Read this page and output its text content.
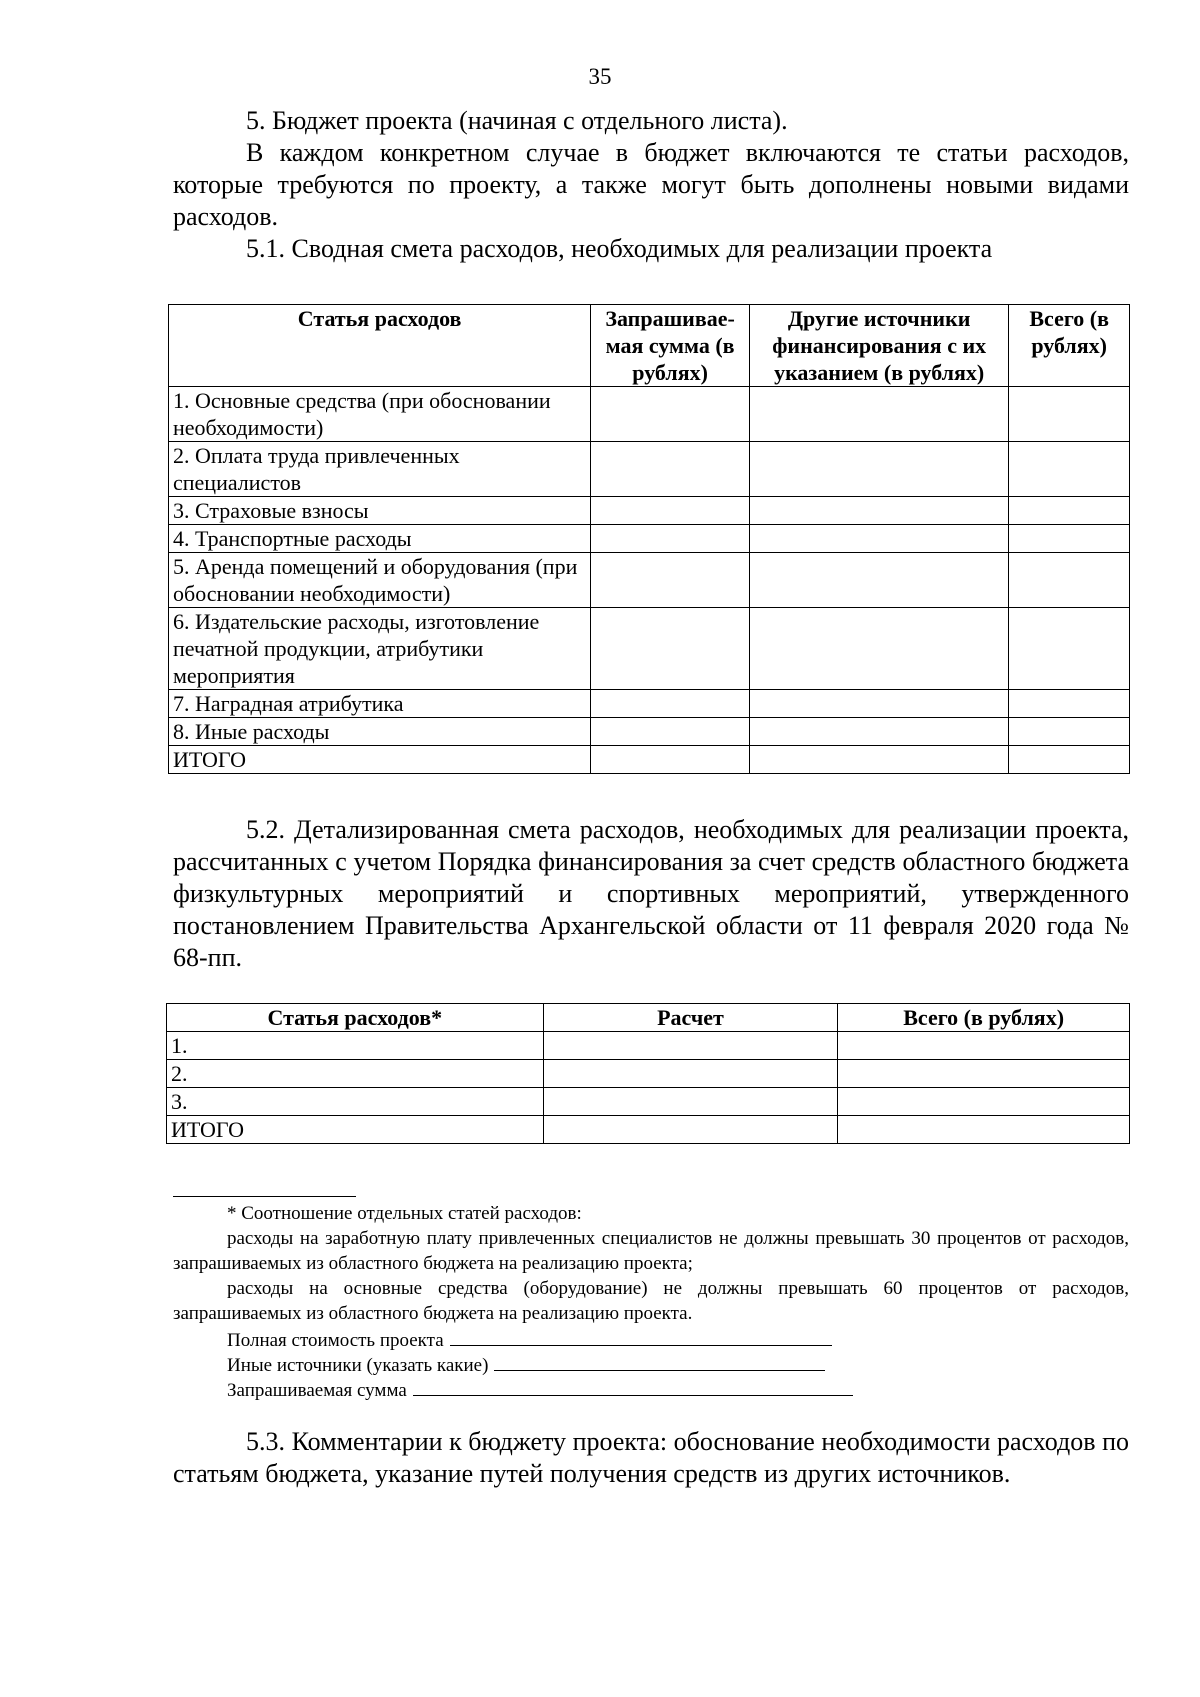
35
5. Бюджет проекта (начиная с отдельного листа).
В каждом конкретном случае в бюджет включаются те статьи расходов, которые требуются по проекту, а также могут быть дополнены новыми видами расходов.
5.1. Сводная смета расходов, необходимых для реализации проекта
Статья расходов	Запрашивае-мая сумма (в рублях)	Другие источники финансирования с их указанием (в рублях)	Всего (в рублях)
1. Основные средства (при обосновании необходимости)			
2. Оплата труда привлеченных специалистов			
3. Страховые взносы			
4. Транспортные расходы			
5. Аренда помещений и оборудования (при обосновании необходимости)			
6. Издательские расходы, изготовление печатной продукции, атрибутики мероприятия			
7. Наградная атрибутика			
8. Иные расходы			
ИТОГО			
5.2. Детализированная смета расходов, необходимых для реализации проекта, рассчитанных с учетом Порядка финансирования за счет средств областного бюджета физкультурных мероприятий и спортивных мероприятий, утвержденного постановлением Правительства Архангельской области от 11 февраля 2020 года № 68-пп.
Статья расходов*	Расчет	Всего (в рублях)
1.		
2.		
3.		
ИТОГО		
* Соотношение отдельных статей расходов:
расходы на заработную плату привлеченных специалистов не должны превышать 30 процентов от расходов, запрашиваемых из областного бюджета на реализацию проекта;
расходы на основные средства (оборудование) не должны превышать 60 процентов от расходов, запрашиваемых из областного бюджета на реализацию проекта.
Полная стоимость проекта
Иные источники (указать какие)
Запрашиваемая сумма
5.3. Комментарии к бюджету проекта: обоснование необходимости расходов по статьям бюджета, указание путей получения средств из других источников.
